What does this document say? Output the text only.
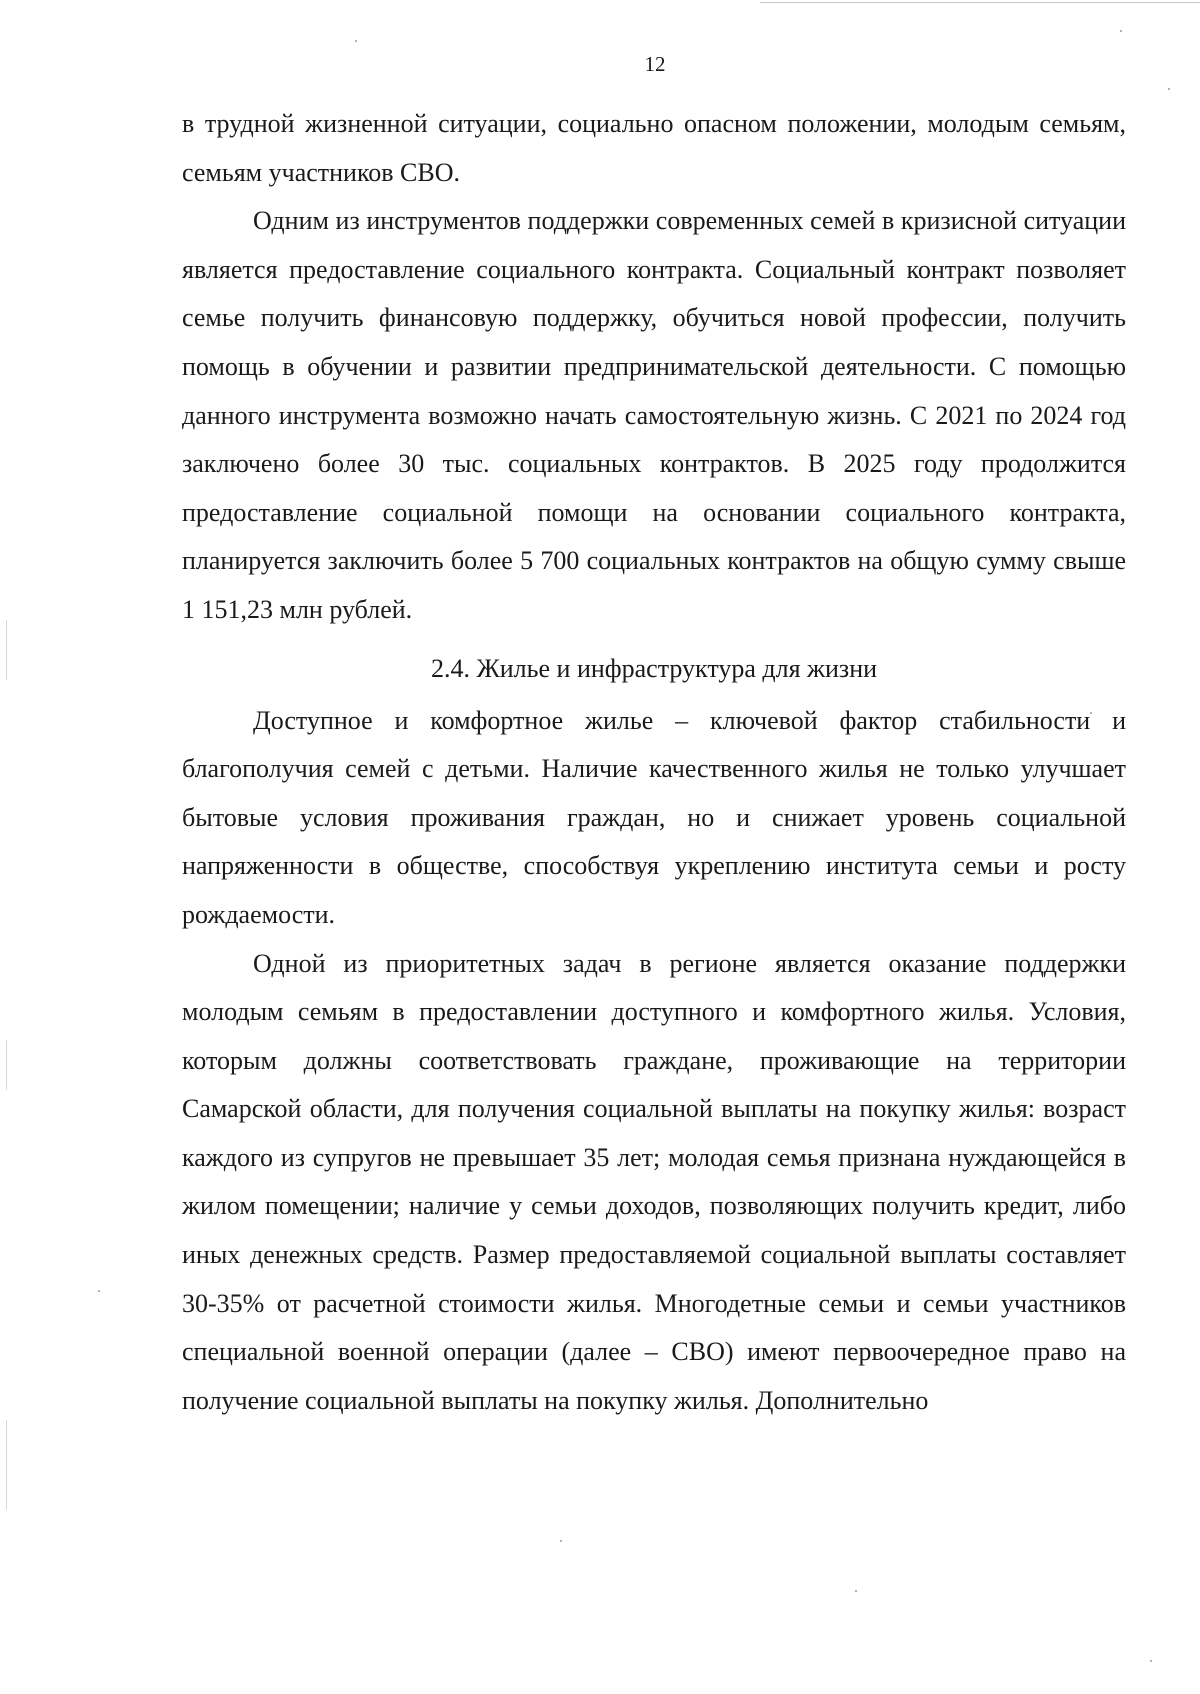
12

в трудной жизненной ситуации, социально опасном положении, молодым семьям, семьям участников СВО.

Одним из инструментов поддержки современных семей в кризисной ситуации является предоставление социального контракта. Социальный контракт позволяет семье получить финансовую поддержку, обучиться новой профессии, получить помощь в обучении и развитии предпринимательской деятельности. С помощью данного инструмента возможно начать самостоятельную жизнь. С 2021 по 2024 год заключено более 30 тыс. социальных контрактов. В 2025 году продолжится предоставление социальной помощи на основании социального контракта, планируется заключить более 5 700 социальных контрактов на общую сумму свыше 1 151,23 млн рублей.

2.4. Жилье и инфраструктура для жизни

Доступное и комфортное жилье – ключевой фактор стабильности и благополучия семей с детьми. Наличие качественного жилья не только улучшает бытовые условия проживания граждан, но и снижает уровень социальной напряженности в обществе, способствуя укреплению института семьи и росту рождаемости.

Одной из приоритетных задач в регионе является оказание поддержки молодым семьям в предоставлении доступного и комфортного жилья. Условия, которым должны соответствовать граждане, проживающие на территории Самарской области, для получения социальной выплаты на покупку жилья: возраст каждого из супругов не превышает 35 лет; молодая семья признана нуждающейся в жилом помещении; наличие у семьи доходов, позволяющих получить кредит, либо иных денежных средств. Размер предоставляемой социальной выплаты составляет 30-35% от расчетной стоимости жилья. Многодетные семьи и семьи участников специальной военной операции (далее – СВО) имеют первоочередное право на получение социальной выплаты на покупку жилья. Дополнительно
